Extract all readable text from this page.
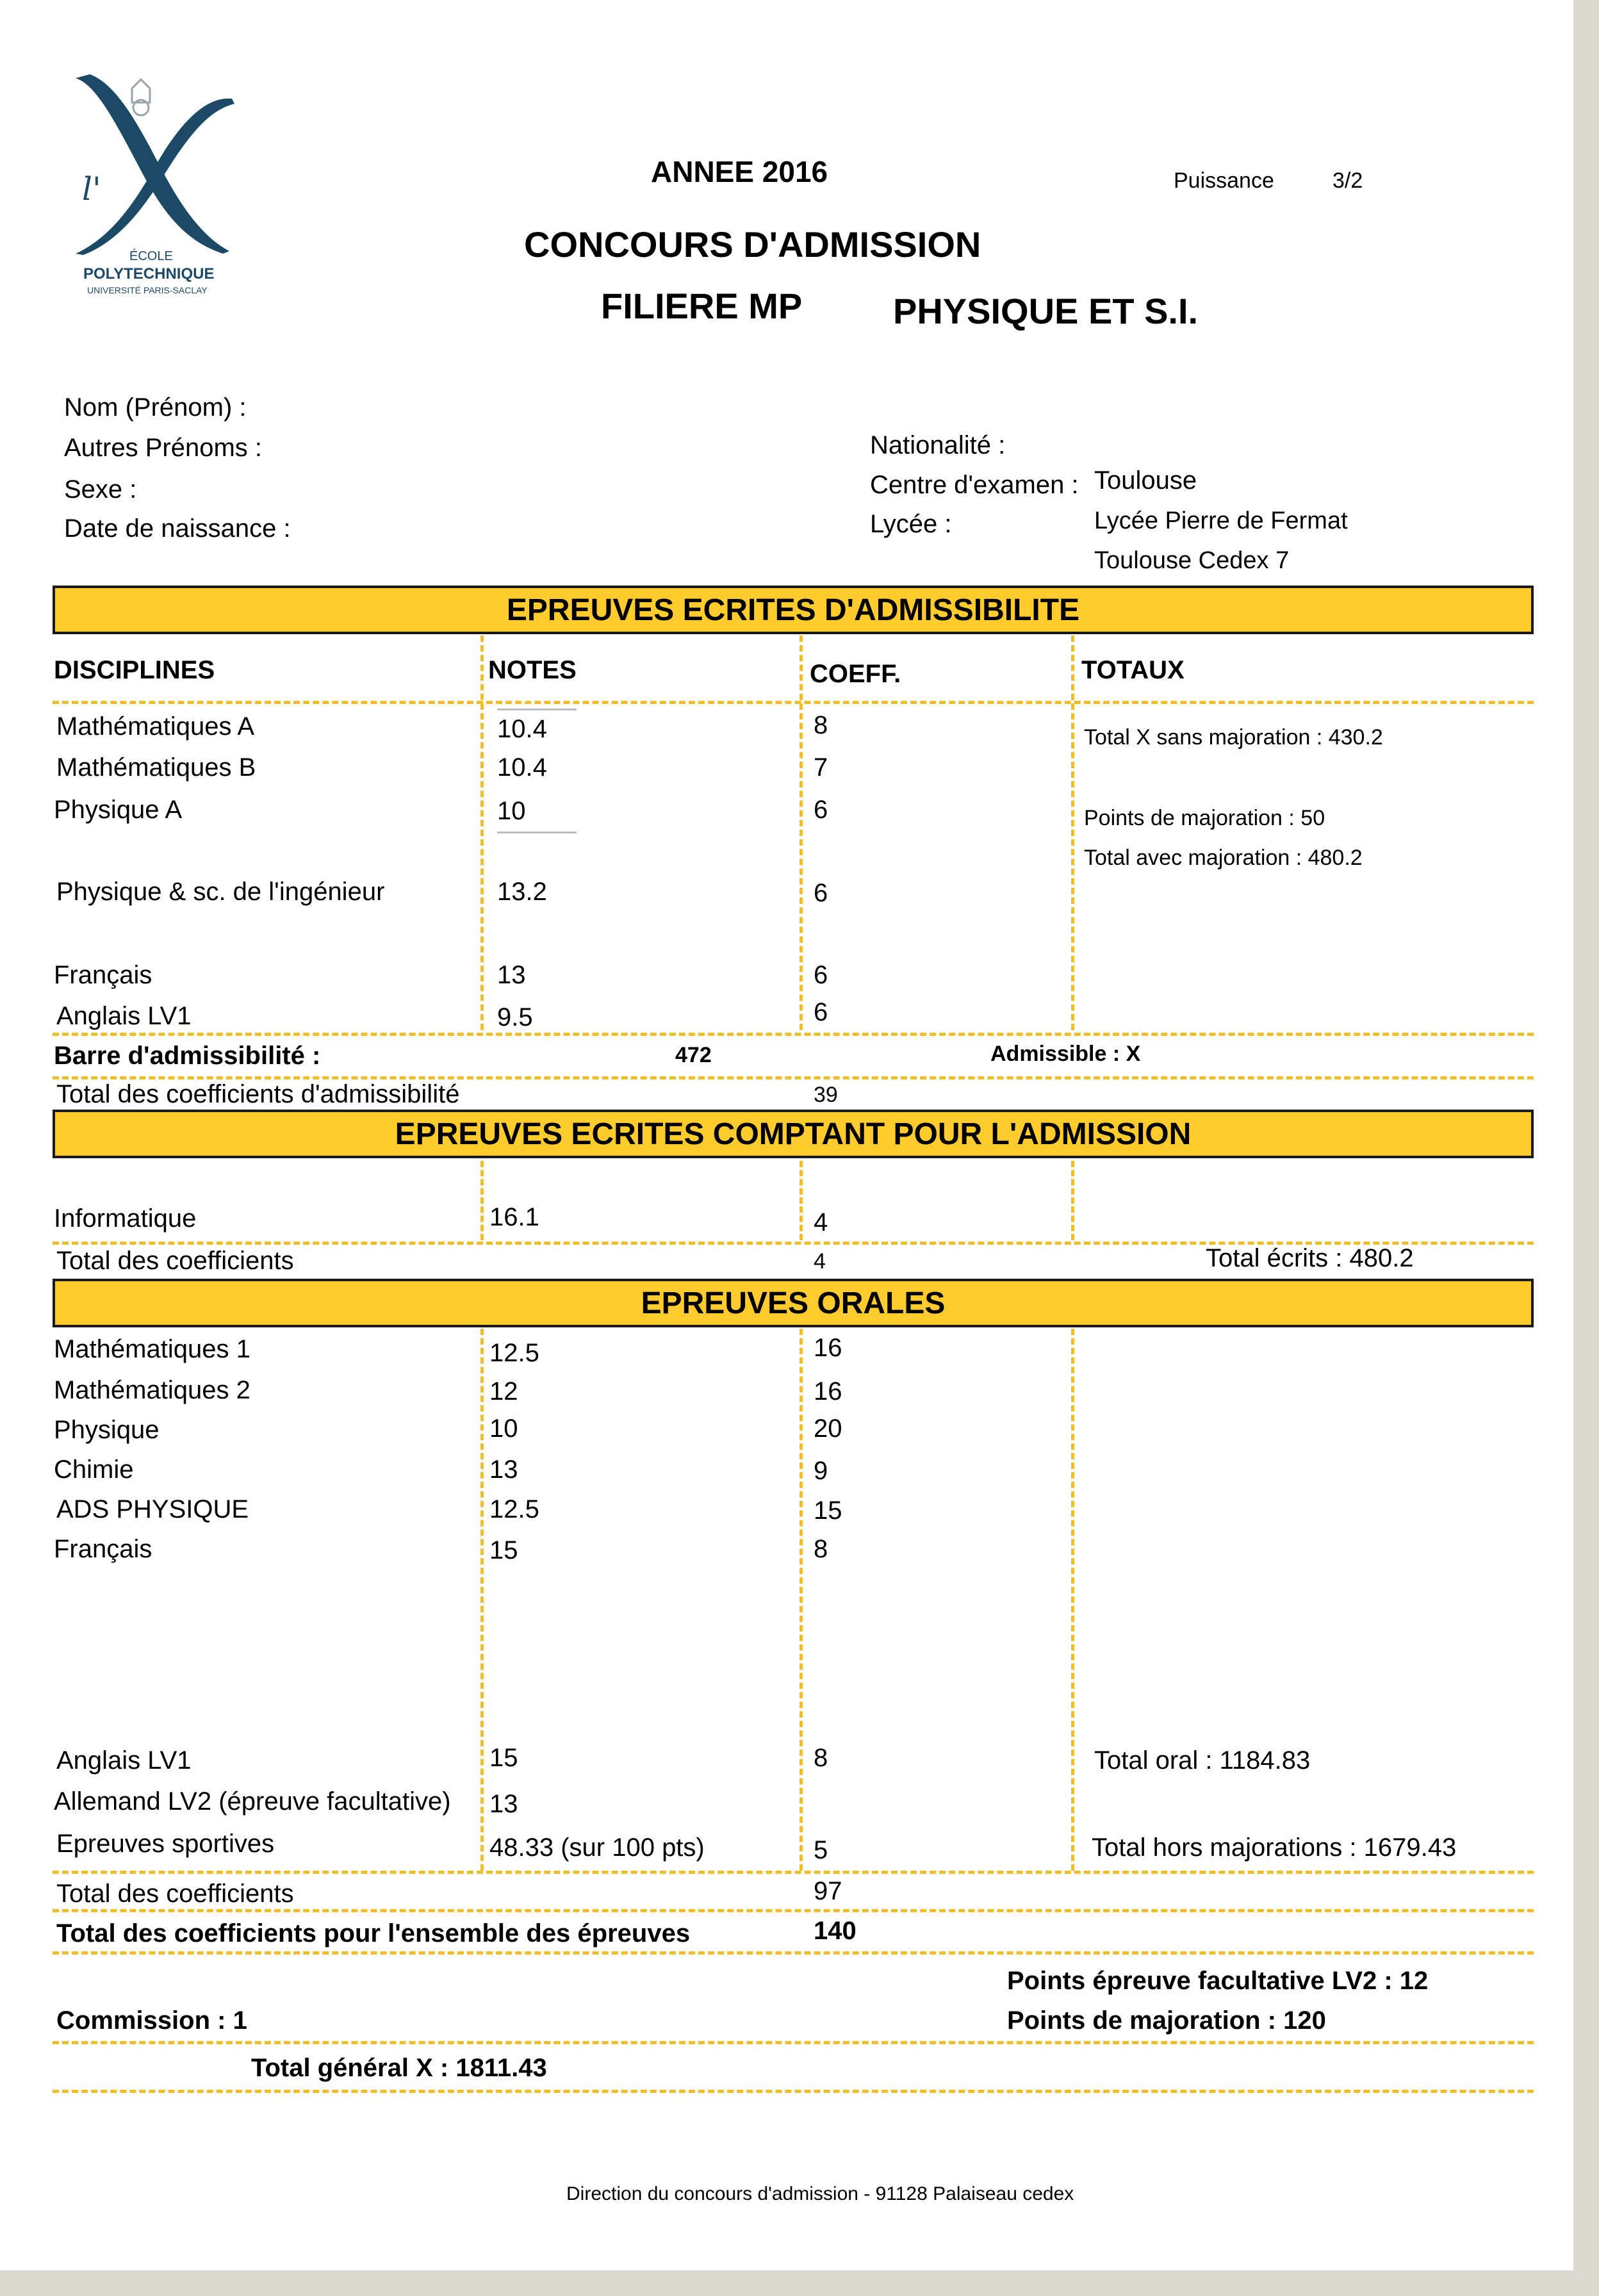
l'
ÉCOLE
POLYTECHNIQUE
UNIVERSITÉ PARIS-SACLAY
ANNEE 2016	Puissance	3/2
CONCOURS D'ADMISSION
FILIERE MP	PHYSIQUE ET S.I.
Nom (Prénom) :
Autres Prénoms :
Sexe :
Date de naissance :
Nationalité :
Centre d'examen : Toulouse
Lycée :	Lycée Pierre de Fermat
Toulouse Cedex 7
EPREUVES ECRITES D'ADMISSIBILITE
DISCIPLINES	NOTES	COEFF.	TOTAUX
Mathématiques A	10.4	8
Mathématiques B	10.4	7
Physique A	10	6
Physique & sc. de l'ingénieur	13.2	6
Français	13	6
Anglais LV1	9.5	6
Total X sans majoration : 430.2
Points de majoration : 50
Total avec majoration : 480.2
Barre d'admissibilité :	472	Admissible : X
Total des coefficients d'admissibilité	39
EPREUVES ECRITES COMPTANT POUR L'ADMISSION
Informatique	16.1	4
Total des coefficients	4	Total écrits : 480.2
EPREUVES ORALES
Mathématiques 1	12.5	16
Mathématiques 2	12	16
Physique	10	20
Chimie	13	9
ADS PHYSIQUE	12.5	15
Français	15	8
Anglais LV1	15	8	Total oral : 1184.83
Allemand LV2 (épreuve facultative) 13
Epreuves sportives	48.33 (sur 100 pts)	5	Total hors majorations : 1679.43
Total des coefficients	97
Total des coefficients pour l'ensemble des épreuves	140
Points épreuve facultative LV2 : 12
Commission : 1	Points de majoration : 120
Total général X : 1811.43
Direction du concours d'admission - 91128 Palaiseau cedex
